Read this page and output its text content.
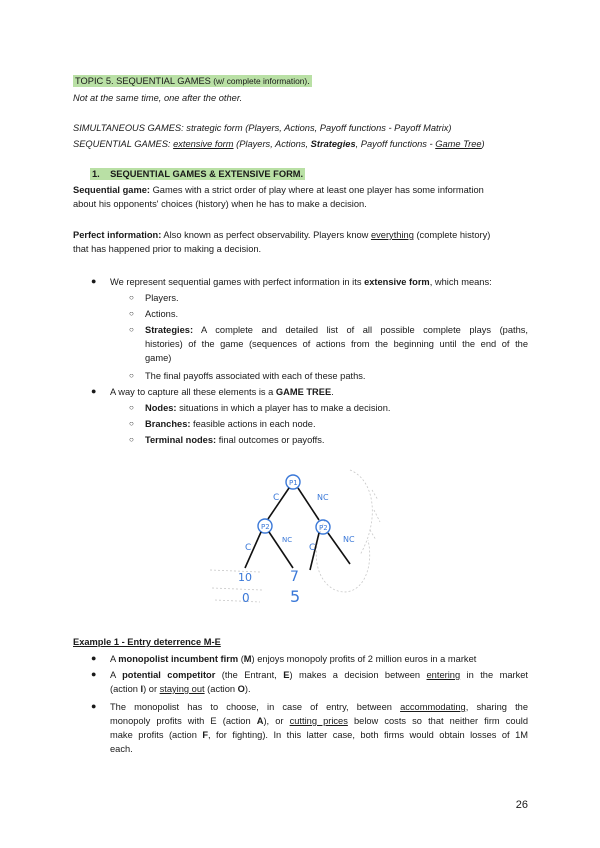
TOPIC 5. SEQUENTIAL GAMES (w/ complete information).
Not at the same time, one after the other.
SIMULTANEOUS GAMES: strategic form (Players, Actions, Payoff functions - Payoff Matrix)
SEQUENTIAL GAMES: extensive form (Players, Actions, Strategies, Payoff functions - Game Tree)
1. SEQUENTIAL GAMES & EXTENSIVE FORM.
Sequential game: Games with a strict order of play where at least one player has some information
about his opponents' choices (history) when he has to make a decision.
Perfect information: Also known as perfect observability. Players know everything (complete history)
that has happened prior to making a decision.
● We represent sequential games with perfect information in its extensive form, which means:
○ Players.
○ Actions.
○ Strategies: A complete and detailed list of all possible complete plays (paths,
histories) of the game (sequences of actions from the beginning until the end of the
game)
○ The final payoffs associated with each of these paths.
● A way to capture all these elements is a GAME TREE.
○ Nodes: situations in which a player has to make a decision.
○ Branches: feasible actions in each node.
○ Terminal nodes: final outcomes or payoffs.
P1
P2	P2
C	NC
C
NC
C
NC
10
0
7
5
Example 1 - Entry deterrence M-E
● A monopolist incumbent firm (M) enjoys monopoly profits of 2 million euros in a market
● A potential competitor (the Entrant, E) makes a decision between entering in the market
(action I) or staying out (action O).
● The monopolist has to choose, in case of entry, between accommodating, sharing the
monopoly profits with E (action A), or cutting prices below costs so that neither firm could
make profits (action F, for fighting). In this latter case, both firms would obtain losses of 1M
each.
26
